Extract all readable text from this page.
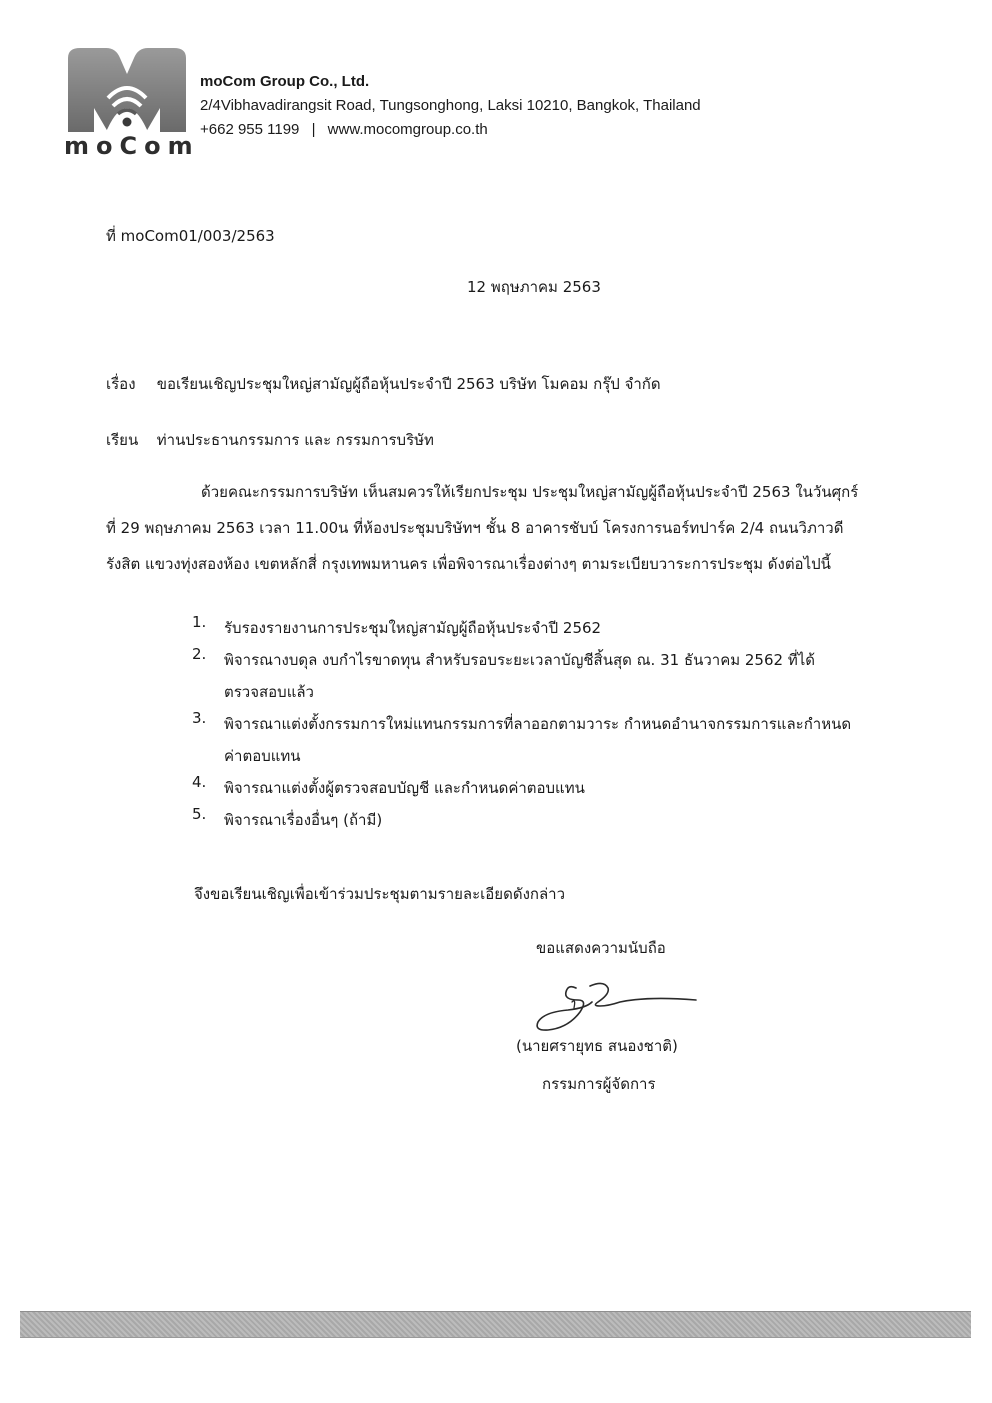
moCom
moCom Group Co., Ltd.
2/4Vibhavadirangsit Road, Tungsonghong, Laksi 10210, Bangkok, Thailand
+662 955 1199 | www.mocomgroup.co.th
ที่ moCom01/003/2563
12 พฤษภาคม 2563
เรื่อง ขอเรียนเชิญประชุมใหญ่สามัญผู้ถือหุ้นประจำปี 2563 บริษัท โมคอม กรุ๊ป จำกัด
เรียน ท่านประธานกรรมการ และ กรรมการบริษัท
ด้วยคณะกรรมการบริษัท เห็นสมควรให้เรียกประชุม ประชุมใหญ่สามัญผู้ถือหุ้นประจำปี 2563 ในวันศุกร์
ที่ 29 พฤษภาคม 2563 เวลา 11.00น ที่ห้องประชุมบริษัทฯ ชั้น 8 อาคารชับบ์ โครงการนอร์ทปาร์ค 2/4 ถนนวิภาวดี
รังสิต แขวงทุ่งสองห้อง เขตหลักสี่ กรุงเทพมหานคร เพื่อพิจารณาเรื่องต่างๆ ตามระเบียบวาระการประชุม ดังต่อไปนี้
1.	รับรองรายงานการประชุมใหญ่สามัญผู้ถือหุ้นประจำปี 2562
2.	พิจารณางบดุล งบกำไรขาดทุน สำหรับรอบระยะเวลาบัญชีสิ้นสุด ณ. 31 ธันวาคม 2562 ที่ได้
ตรวจสอบแล้ว
3.	พิจารณาแต่งตั้งกรรมการใหม่แทนกรรมการที่ลาออกตามวาระ กำหนดอำนาจกรรมการและกำหนด
ค่าตอบแทน
4.	พิจารณาแต่งตั้งผู้ตรวจสอบบัญชี และกำหนดค่าตอบแทน
5.	พิจารณาเรื่องอื่นๆ (ถ้ามี)
จึงขอเรียนเชิญเพื่อเข้าร่วมประชุมตามรายละเอียดดังกล่าว
ขอแสดงความนับถือ
(นายศรายุทธ สนองชาติ)
กรรมการผู้จัดการ
